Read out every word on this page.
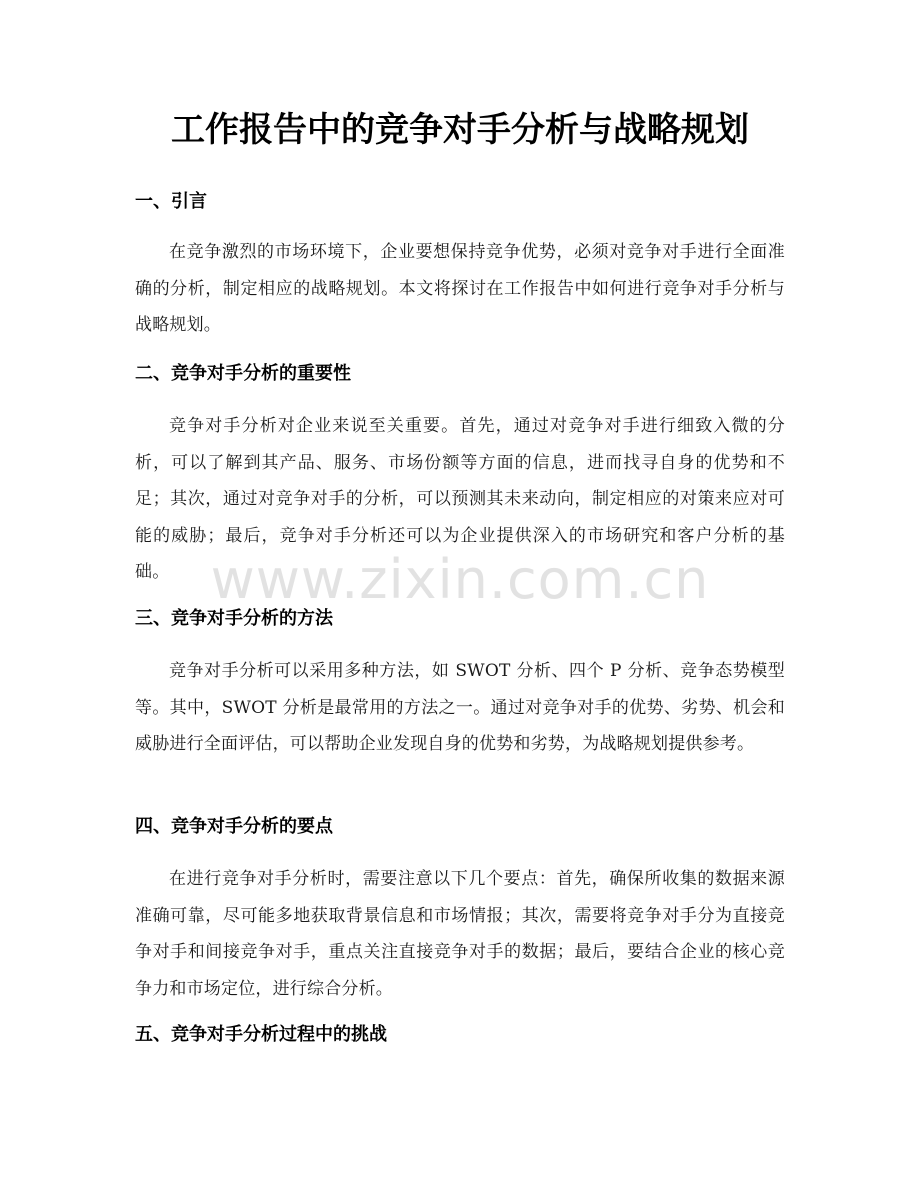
工作报告中的竞争对手分析与战略规划
一、引言

在竞争激烈的市场环境下，企业要想保持竞争优势，必须对竞争对手进行全面准确的分析，制定相应的战略规划。本文将探讨在工作报告中如何进行竞争对手分析与战略规划。

二、竞争对手分析的重要性

竞争对手分析对企业来说至关重要。首先，通过对竞争对手进行细致入微的分析，可以了解到其产品、服务、市场份额等方面的信息，进而找寻自身的优势和不足；其次，通过对竞争对手的分析，可以预测其未来动向，制定相应的对策来应对可能的威胁；最后，竞争对手分析还可以为企业提供深入的市场研究和客户分析的基础。

三、竞争对手分析的方法

竞争对手分析可以采用多种方法，如 SWOT 分析、四个 P 分析、竞争态势模型等。其中，SWOT 分析是最常用的方法之一。通过对竞争对手的优势、劣势、机会和威胁进行全面评估，可以帮助企业发现自身的优势和劣势，为战略规划提供参考。

四、竞争对手分析的要点

在进行竞争对手分析时，需要注意以下几个要点：首先，确保所收集的数据来源准确可靠，尽可能多地获取背景信息和市场情报；其次，需要将竞争对手分为直接竞争对手和间接竞争对手，重点关注直接竞争对手的数据；最后，要结合企业的核心竞争力和市场定位，进行综合分析。

五、竞争对手分析过程中的挑战
www.zixin.com.cn
